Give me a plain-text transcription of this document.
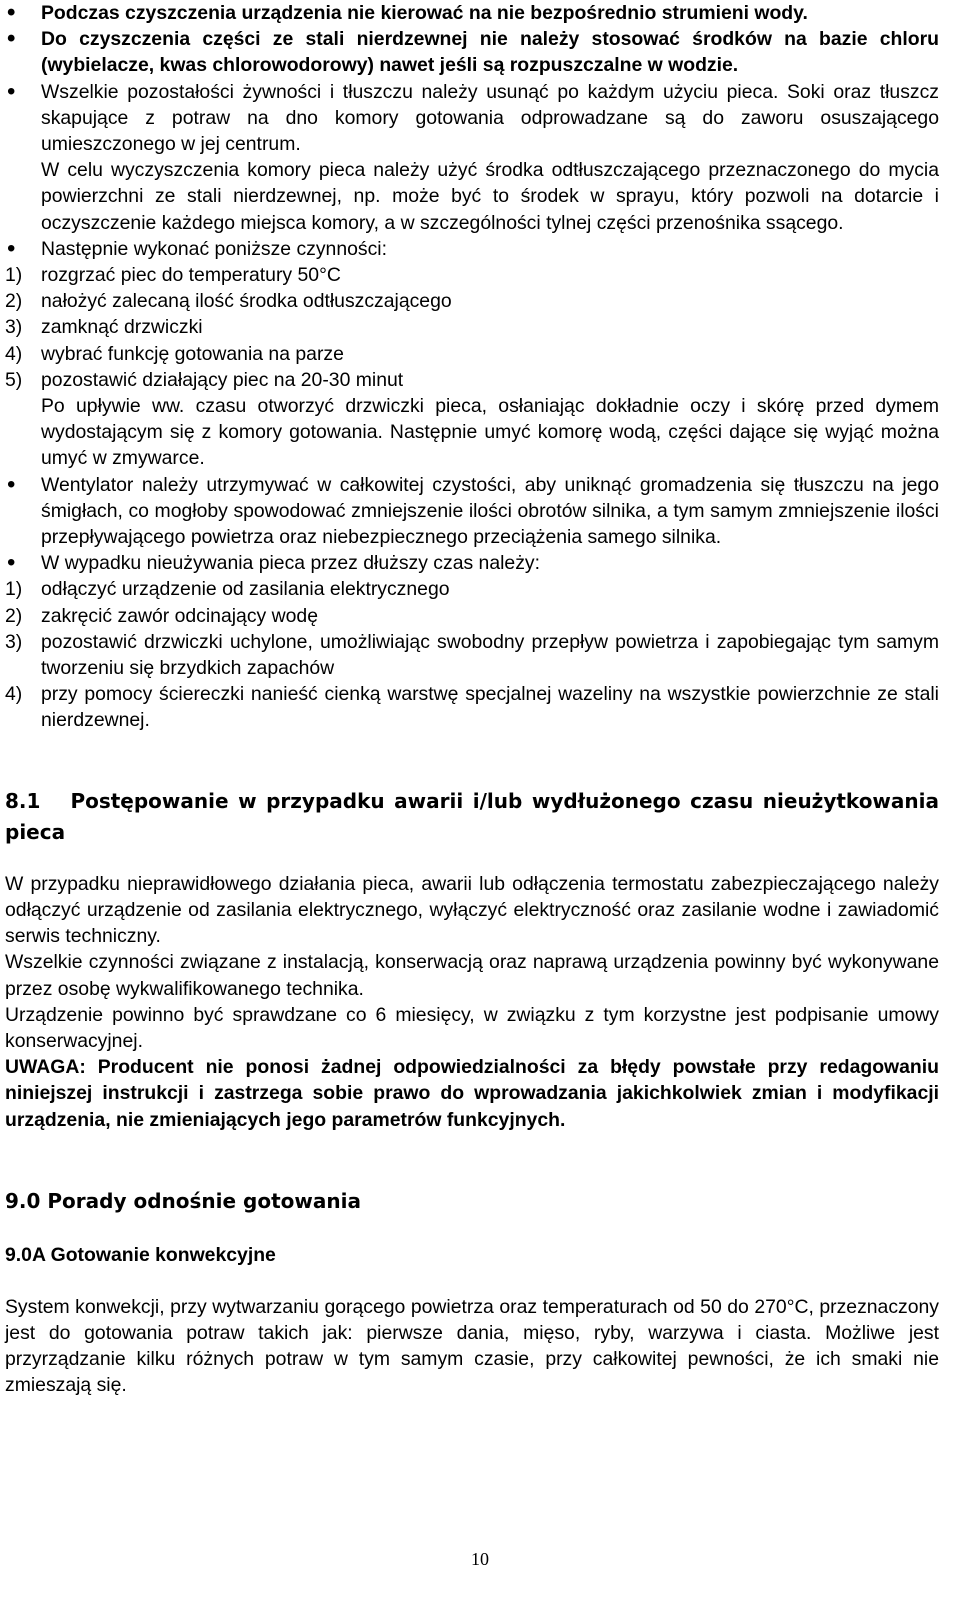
• Podczas czyszczenia urządzenia nie kierować na nie bezpośrednio strumieni wody.
• Do czyszczenia części ze stali nierdzewnej nie należy stosować środków na bazie chloru (wybielacze, kwas chlorowodorowy) nawet jeśli są rozpuszczalne w wodzie.
• Wszelkie pozostałości żywności i tłuszczu należy usunąć po każdym użyciu pieca. Soki oraz tłuszcz skapujące z potraw na dno komory gotowania odprowadzane są do zaworu osuszającego umieszczonego w jej centrum.
W celu wyczyszczenia komory pieca należy użyć środka odtłuszczającego przeznaczonego do mycia powierzchni ze stali nierdzewnej, np. może być to środek w sprayu, który pozwoli na dotarcie i oczyszczenie każdego miejsca komory, a w szczególności tylnej części przenośnika ssącego.
• Następnie wykonać poniższe czynności:
1) rozgrzać piec do temperatury 50°C
2) nałożyć zalecaną ilość środka odtłuszczającego
3) zamknąć drzwiczki
4) wybrać funkcję gotowania na parze
5) pozostawić działający piec na 20-30 minut
Po upływie ww. czasu otworzyć drzwiczki pieca, osłaniając dokładnie oczy i skórę przed dymem wydostającym się z komory gotowania. Następnie umyć komorę wodą, części dające się wyjąć można umyć w zmywarce.
• Wentylator należy utrzymywać w całkowitej czystości, aby uniknąć gromadzenia się tłuszczu na jego śmigłach, co mogłoby spowodować zmniejszenie ilości obrotów silnika, a tym samym zmniejszenie ilości przepływającego powietrza oraz niebezpiecznego przeciążenia samego silnika.
• W wypadku nieużywania pieca przez dłuższy czas należy:
1) odłączyć urządzenie od zasilania elektrycznego
2) zakręcić zawór odcinający wodę
3) pozostawić drzwiczki uchylone, umożliwiając swobodny przepływ powietrza i zapobiegając tym samym tworzeniu się brzydkich zapachów
4) przy pomocy ściereczki nanieść cienką warstwę specjalnej wazeliny na wszystkie powierzchnie ze stali nierdzewnej.
8.1 Postępowanie w przypadku awarii i/lub wydłużonego czasu nieużytkowania pieca

W przypadku nieprawidłowego działania pieca, awarii lub odłączenia termostatu zabezpieczającego należy odłączyć urządzenie od zasilania elektrycznego, wyłączyć elektryczność oraz zasilanie wodne i zawiadomić serwis techniczny.

Wszelkie czynności związane z instalacją, konserwacją oraz naprawą urządzenia powinny być wykonywane przez osobę wykwalifikowanego technika.

Urządzenie powinno być sprawdzane co 6 miesięcy, w związku z tym korzystne jest podpisanie umowy konserwacyjnej.

UWAGA: Producent nie ponosi żadnej odpowiedzialności za błędy powstałe przy redagowaniu niniejszej instrukcji i zastrzega sobie prawo do wprowadzania jakichkolwiek zmian i modyfikacji urządzenia, nie zmieniających jego parametrów funkcyjnych.

9.0 Porady odnośnie gotowania
9.0A Gotowanie konwekcyjne

System konwekcji, przy wytwarzaniu gorącego powietrza oraz temperaturach od 50 do 270°C, przeznaczony jest do gotowania potraw takich jak: pierwsze dania, mięso, ryby, warzywa i ciasta. Możliwe jest przyrządzanie kilku różnych potraw w tym samym czasie, przy całkowitej pewności, że ich smaki nie zmieszają się.

10
